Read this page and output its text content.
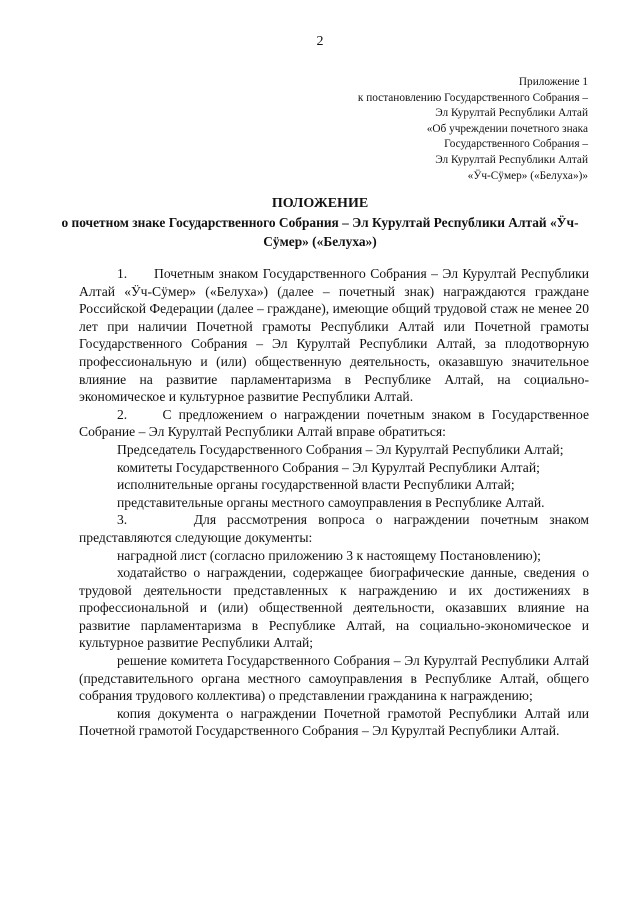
2
Приложение 1
к постановлению Государственного Собрания –
Эл Курултай Республики Алтай
«Об учреждении почетного знака
Государственного Собрания –
Эл Курултай Республики Алтай
«Ӱч-Сӱмер» («Белуха»)»
ПОЛОЖЕНИЕ
о почетном знаке Государственного Собрания – Эл Курултай Республики Алтай «Ӱч-Сӱмер» («Белуха»)

1.      Почетным знаком Государственного Собрания – Эл Курултай Республики Алтай «Ӱч-Сӱмер» («Белуха») (далее – почетный знак) награждаются граждане Российской Федерации (далее – граждане), имеющие общий трудовой стаж не менее 20 лет при наличии Почетной грамоты Республики Алтай или Почетной грамоты Государственного Собрания – Эл Курултай Республики Алтай, за плодотворную профессиональную и (или) общественную деятельность, оказавшую значительное влияние на развитие парламентаризма в Республике Алтай, на социально-экономическое и культурное развитие Республики Алтай.

2.     С предложением о награждении почетным знаком в Государственное Собрание – Эл Курултай Республики Алтай вправе обратиться:

Председатель Государственного Собрания – Эл Курултай Республики Алтай;

комитеты Государственного Собрания – Эл Курултай Республики Алтай;

исполнительные органы государственной власти Республики Алтай;

представительные органы местного самоуправления в Республике Алтай.

3.      Для рассмотрения вопроса о награждении почетным знаком представляются следующие документы:

наградной лист (согласно приложению 3 к настоящему Постановлению);

ходатайство о награждении, содержащее биографические данные, сведения о трудовой деятельности представленных к награждению и их достижениях в профессиональной и (или) общественной деятельности, оказавших влияние на развитие парламентаризма в Республике Алтай, на социально-экономическое и культурное развитие Республики Алтай;

решение комитета Государственного Собрания – Эл Курултай Республики Алтай (представительного органа местного самоуправления в Республике Алтай, общего собрания трудового коллектива) о представлении гражданина к награждению;

копия документа о награждении Почетной грамотой Республики Алтай или Почетной грамотой Государственного Собрания – Эл Курултай Республики Алтай.
